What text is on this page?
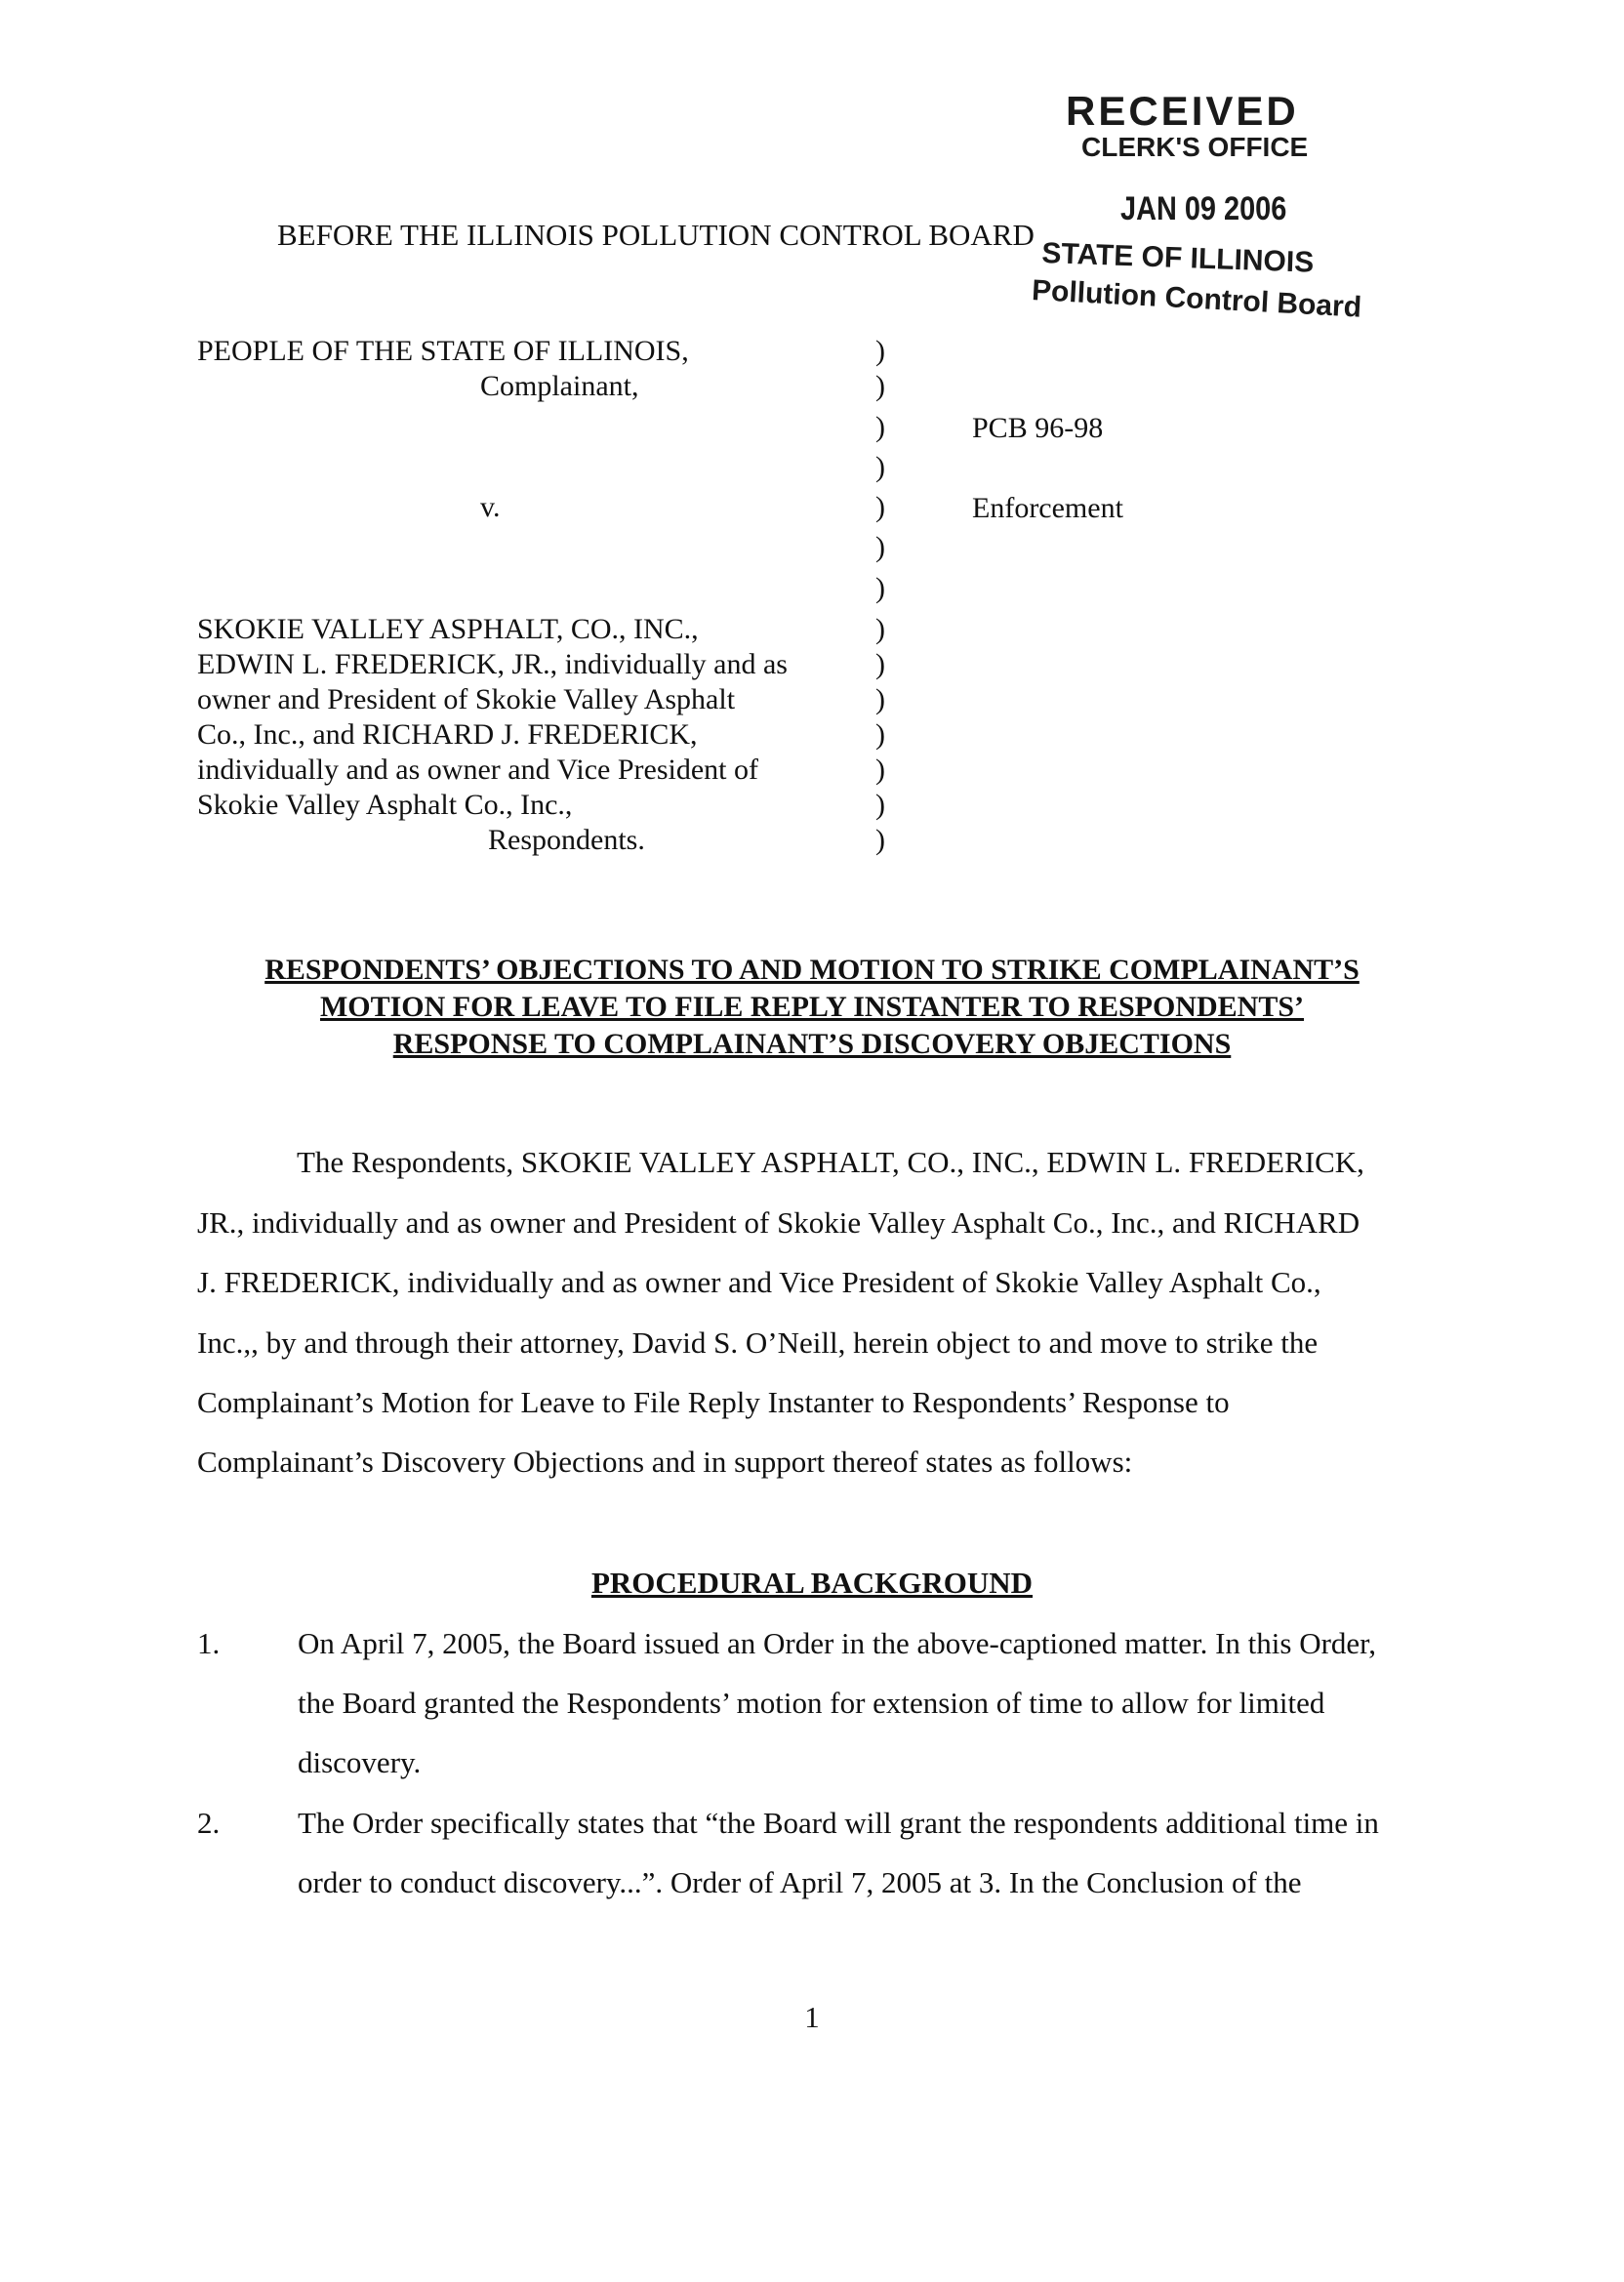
RECEIVED
CLERK'S OFFICE
JAN 09 2006
STATE OF ILLINOIS
Pollution Control Board
BEFORE THE ILLINOIS POLLUTION CONTROL BOARD
PEOPLE OF THE STATE OF ILLINOIS,
Complainant,
v.
SKOKIE VALLEY ASPHALT, CO., INC.,
EDWIN L. FREDERICK, JR., individually and as
owner and President of Skokie Valley Asphalt
Co., Inc., and RICHARD J. FREDERICK,
individually and as owner and Vice President of
Skokie Valley Asphalt Co., Inc.,
Respondents.
)
)
)
)
)
)
)
)
)
)
)
)
)
)
PCB 96-98
Enforcement
RESPONDENTS’ OBJECTIONS TO AND MOTION TO STRIKE COMPLAINANT’S
MOTION FOR LEAVE TO FILE REPLY INSTANTER TO RESPONDENTS’
RESPONSE TO COMPLAINANT’S DISCOVERY OBJECTIONS
The Respondents, SKOKIE VALLEY ASPHALT, CO., INC., EDWIN L. FREDERICK,
JR., individually and as owner and President of Skokie Valley Asphalt Co., Inc., and RICHARD
J. FREDERICK, individually and as owner and Vice President of Skokie Valley Asphalt Co.,
Inc.,, by and through their attorney, David S. O’Neill, herein object to and move to strike the
Complainant’s Motion for Leave to File Reply Instanter to Respondents’ Response to
Complainant’s Discovery Objections and in support thereof states as follows:
PROCEDURAL BACKGROUND
1.	On April 7, 2005, the Board issued an Order in the above-captioned matter. In this Order,
the Board granted the Respondents’ motion for extension of time to allow for limited
discovery.
2.	The Order specifically states that “the Board will grant the respondents additional time in
order to conduct discovery...”. Order of April 7, 2005 at 3. In the Conclusion of the
1
